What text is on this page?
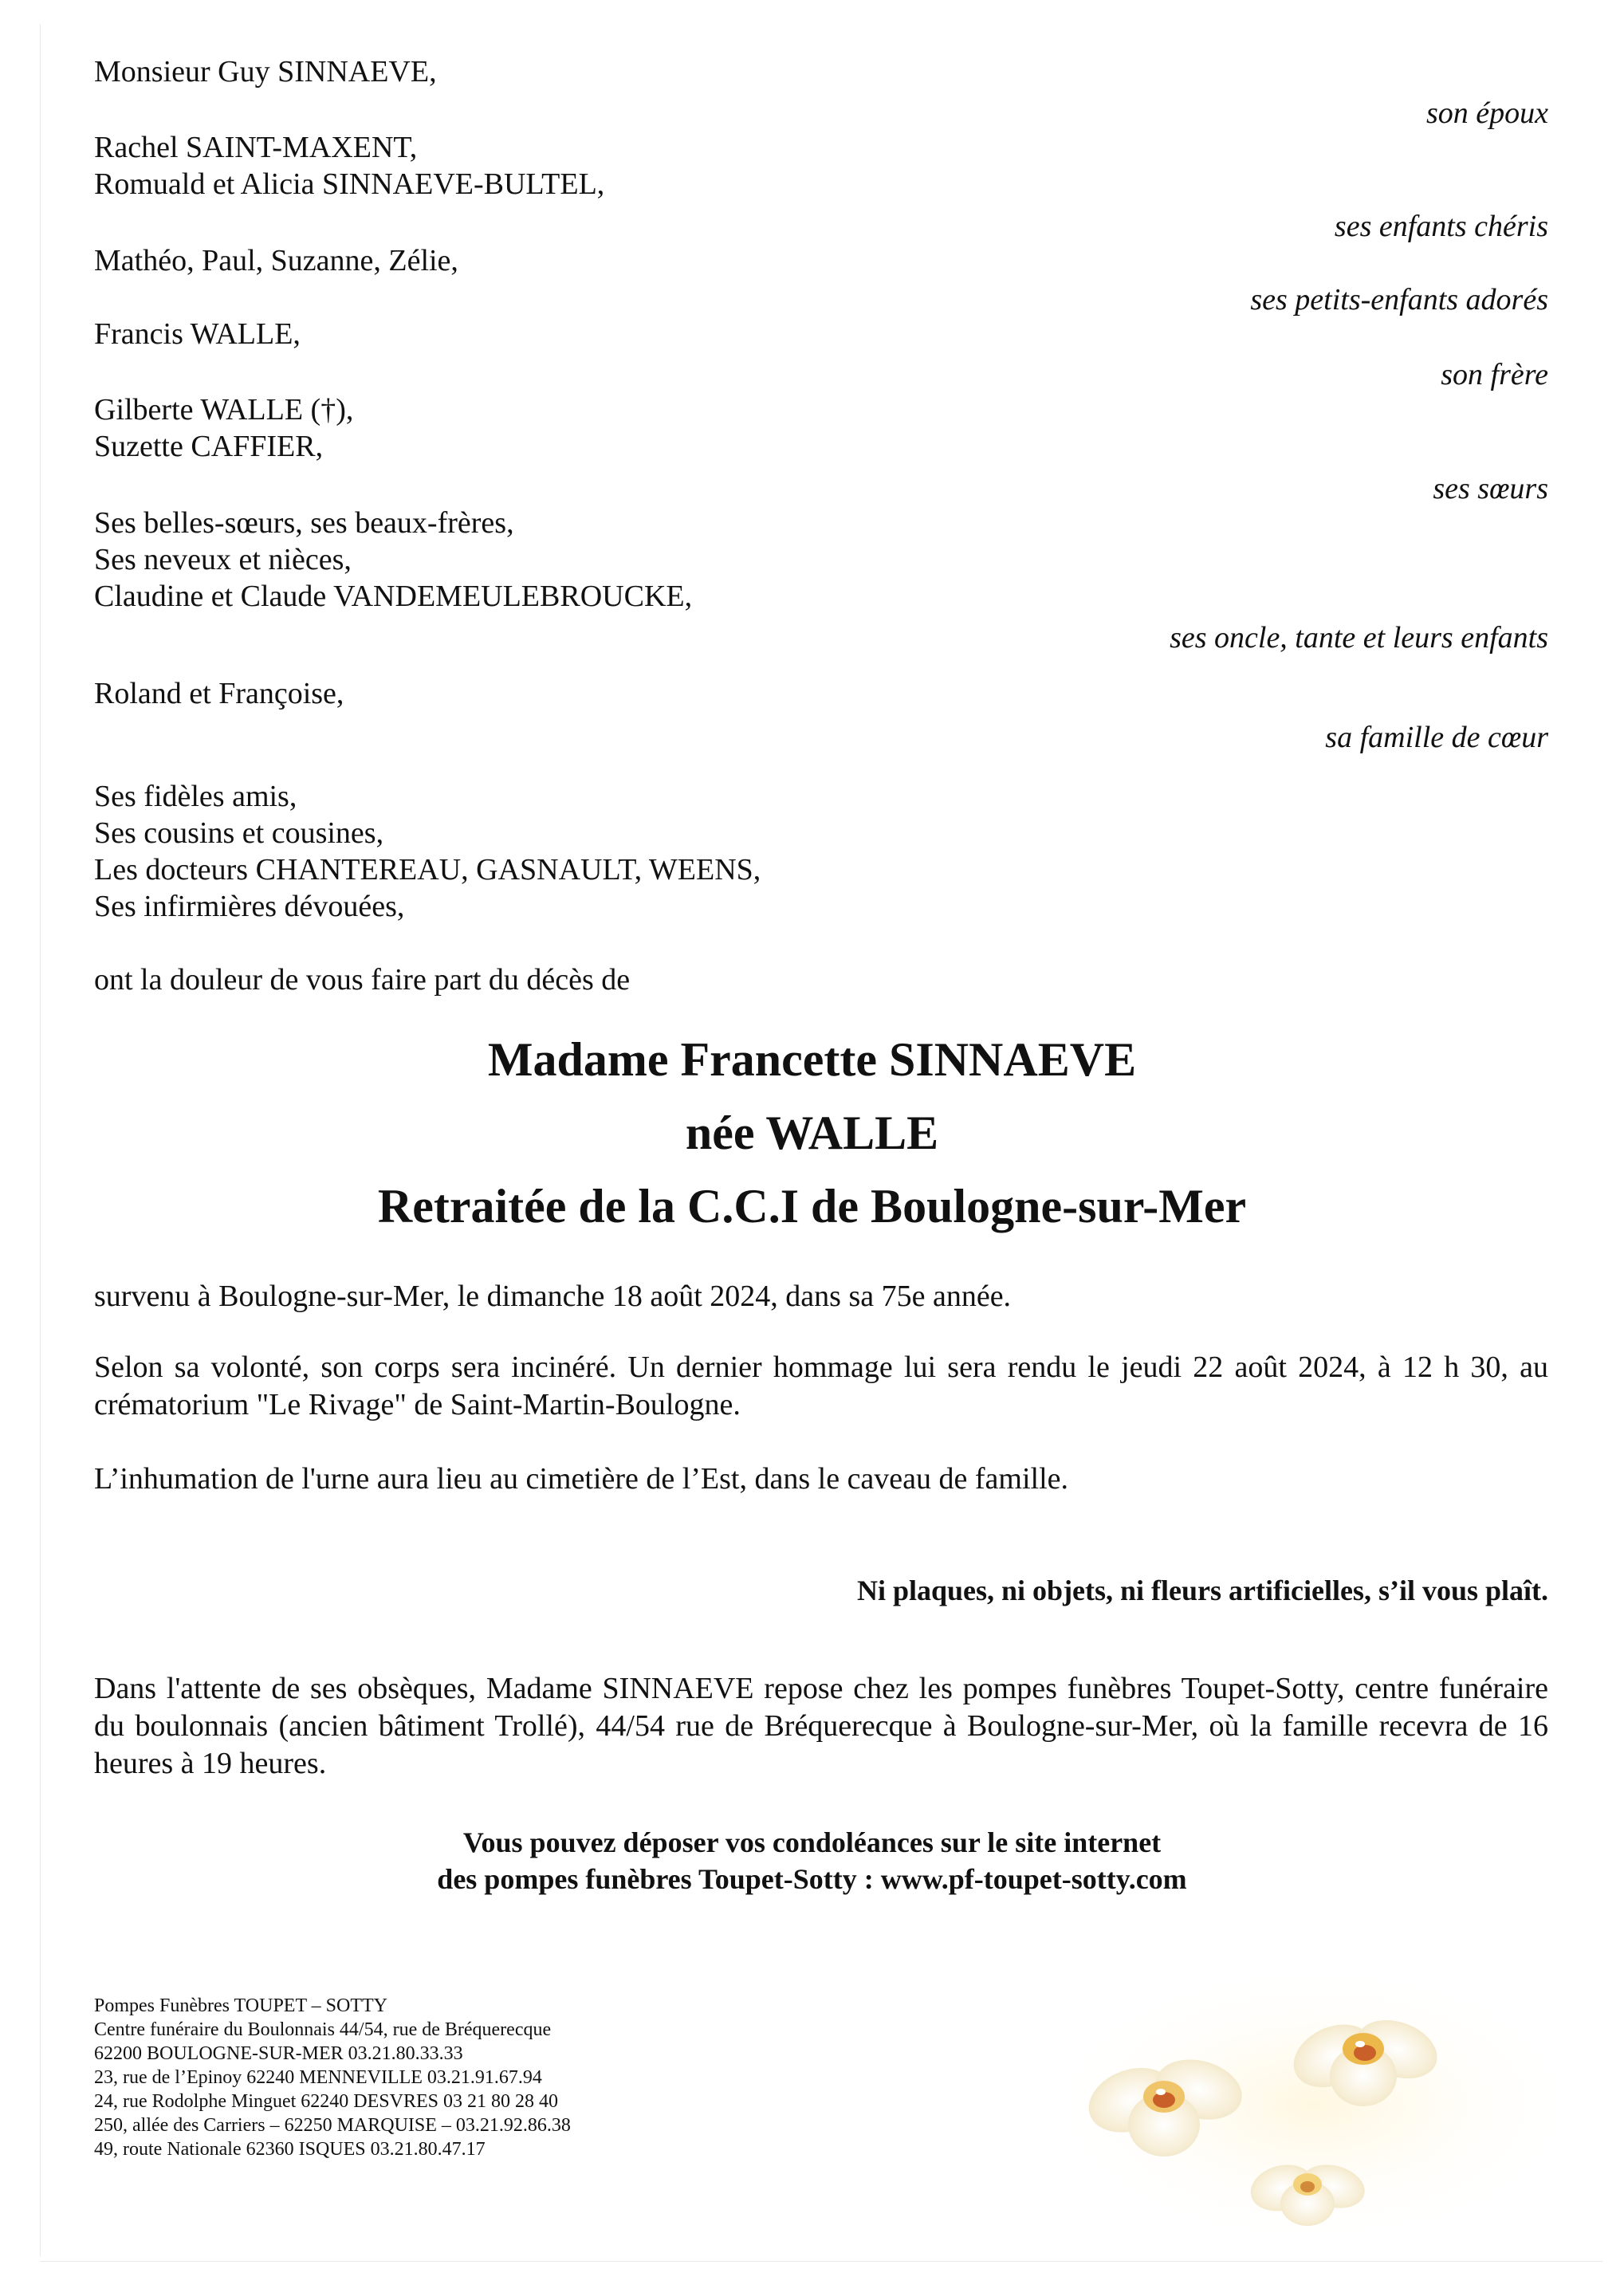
Monsieur Guy SINNAEVE,
son époux
Rachel SAINT-MAXENT,
Romuald et Alicia SINNAEVE-BULTEL,
ses enfants chéris
Mathéo, Paul, Suzanne, Zélie,
ses petits-enfants adorés
Francis WALLE,
son frère
Gilberte WALLE (†),
Suzette CAFFIER,
ses sœurs
Ses belles-sœurs, ses beaux-frères,
Ses neveux et nièces,
Claudine et Claude VANDEMEULEBROUCKE,
ses oncle, tante et leurs enfants
Roland et Françoise,
sa famille de cœur
Ses fidèles amis,
Ses cousins et cousines,
Les docteurs CHANTEREAU, GASNAULT, WEENS,
Ses infirmières dévouées,
ont la douleur de vous faire part du décès de
Madame Francette SINNAEVE
née WALLE
Retraitée de la C.C.I de Boulogne-sur-Mer
survenu à Boulogne-sur-Mer, le dimanche 18 août 2024, dans sa 75e année.
Selon sa volonté, son corps sera incinéré. Un dernier hommage lui sera rendu le jeudi 22 août 2024, à 12 h 30, au crématorium "Le Rivage" de Saint-Martin-Boulogne.
L’inhumation de l'urne aura lieu au cimetière de l’Est, dans le caveau de famille.
Ni plaques, ni objets, ni fleurs artificielles, s’il vous plaît.
Dans l'attente de ses obsèques, Madame SINNAEVE repose chez les pompes funèbres Toupet-Sotty, centre funéraire du boulonnais (ancien bâtiment Trollé), 44/54 rue de Bréquerecque à Boulogne-sur-Mer, où la famille recevra de 16 heures à 19 heures.
Vous pouvez déposer vos condoléances sur le site internet
des pompes funèbres Toupet-Sotty : www.pf-toupet-sotty.com
Pompes Funèbres TOUPET – SOTTY
Centre funéraire du Boulonnais 44/54, rue de Bréquerecque
62200 BOULOGNE-SUR-MER 03.21.80.33.33
23, rue de l’Epinoy 62240 MENNEVILLE 03.21.91.67.94
24, rue Rodolphe Minguet 62240 DESVRES 03 21 80 28 40
250, allée des Carriers – 62250 MARQUISE – 03.21.92.86.38
49, route Nationale 62360 ISQUES 03.21.80.47.17
